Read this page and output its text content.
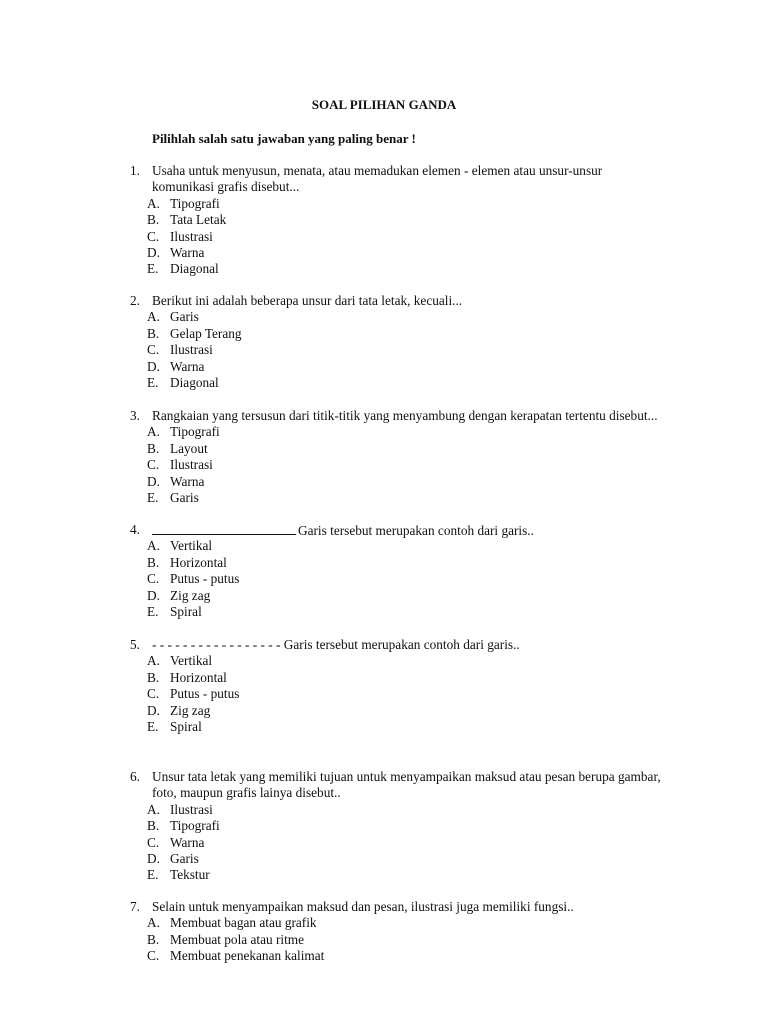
SOAL PILIHAN GANDA
Pilihlah salah satu jawaban yang paling benar !
1. Usaha untuk menyusun, menata, atau memadukan elemen - elemen atau unsur-unsur
komunikasi grafis disebut...
A. Tipografi
B. Tata Letak
C. Ilustrasi
D. Warna
E. Diagonal
2. Berikut ini adalah beberapa unsur dari tata letak, kecuali...
A. Garis
B. Gelap Terang
C. Ilustrasi
D. Warna
E. Diagonal
3. Rangkaian yang tersusun dari titik-titik yang menyambung dengan kerapatan tertentu disebut...
A. Tipografi
B. Layout
C. Ilustrasi
D. Warna
E. Garis
4.	Garis tersebut merupakan contoh dari garis..
A. Vertikal
B. Horizontal
C. Putus - putus
D. Zig zag
E. Spiral
5. - - - - - - - - - - - - - - - - - Garis tersebut merupakan contoh dari garis..
A. Vertikal
B. Horizontal
C. Putus - putus
D. Zig zag
E. Spiral
6. Unsur tata letak yang memiliki tujuan untuk menyampaikan maksud atau pesan berupa gambar,
foto, maupun grafis lainya disebut..
A. Ilustrasi
B. Tipografi
C. Warna
D. Garis
E. Tekstur
7. Selain untuk menyampaikan maksud dan pesan, ilustrasi juga memiliki fungsi..
A. Membuat bagan atau grafik
B. Membuat pola atau ritme
C. Membuat penekanan kalimat
